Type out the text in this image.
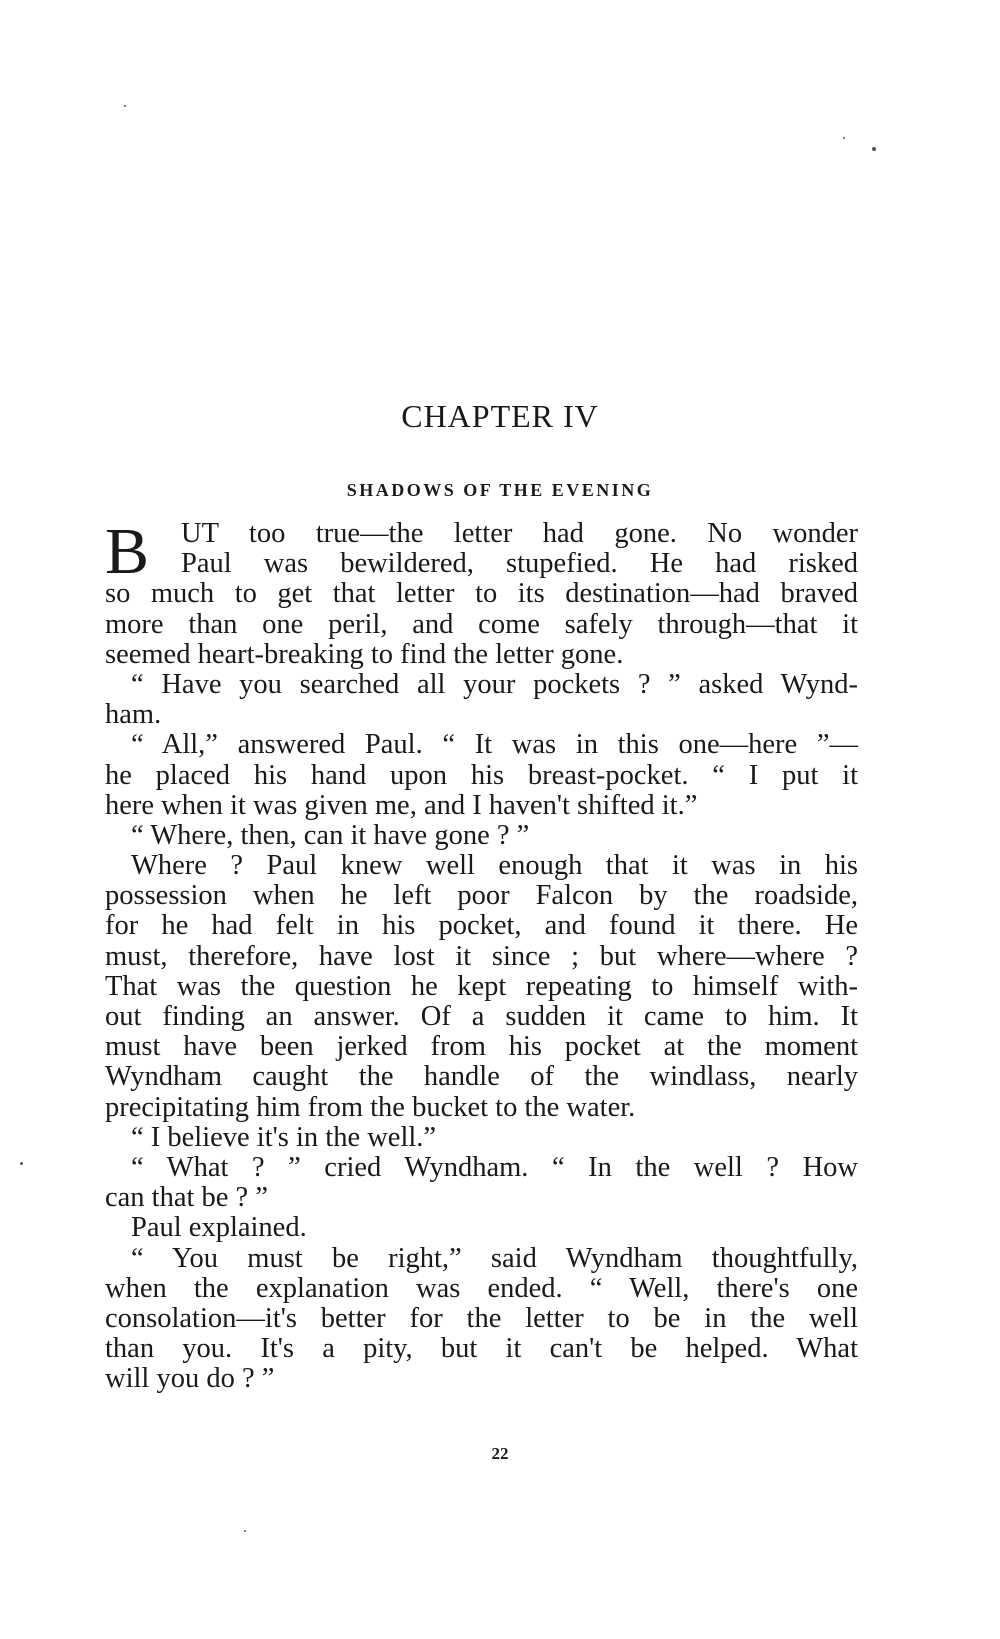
CHAPTER IV
SHADOWS OF THE EVENING
B	UT too true—the letter had gone. No wonder
Paul was bewildered, stupefied. He had risked
so much to get that letter to its destination—had braved
more than one peril, and come safely through—that it
seemed heart-breaking to find the letter gone.
“ Have you searched all your pockets ? ” asked Wynd-
ham.
“ All,” answered Paul. “ It was in this one—here ”—
he placed his hand upon his breast-pocket. “ I put it
here when it was given me, and I haven't shifted it.”
“ Where, then, can it have gone ? ”
Where ? Paul knew well enough that it was in his
possession when he left poor Falcon by the roadside,
for he had felt in his pocket, and found it there. He
must, therefore, have lost it since ; but where—where ?
That was the question he kept repeating to himself with-
out finding an answer. Of a sudden it came to him. It
must have been jerked from his pocket at the moment
Wyndham caught the handle of the windlass, nearly
precipitating him from the bucket to the water.
“ I believe it's in the well.”
“ What ? ” cried Wyndham. “ In the well ? How
can that be ? ”
Paul explained.
“ You must be right,” said Wyndham thoughtfully,
when the explanation was ended. “ Well, there's one
consolation—it's better for the letter to be in the well
than you. It's a pity, but it can't be helped. What
will you do ? ”
22
